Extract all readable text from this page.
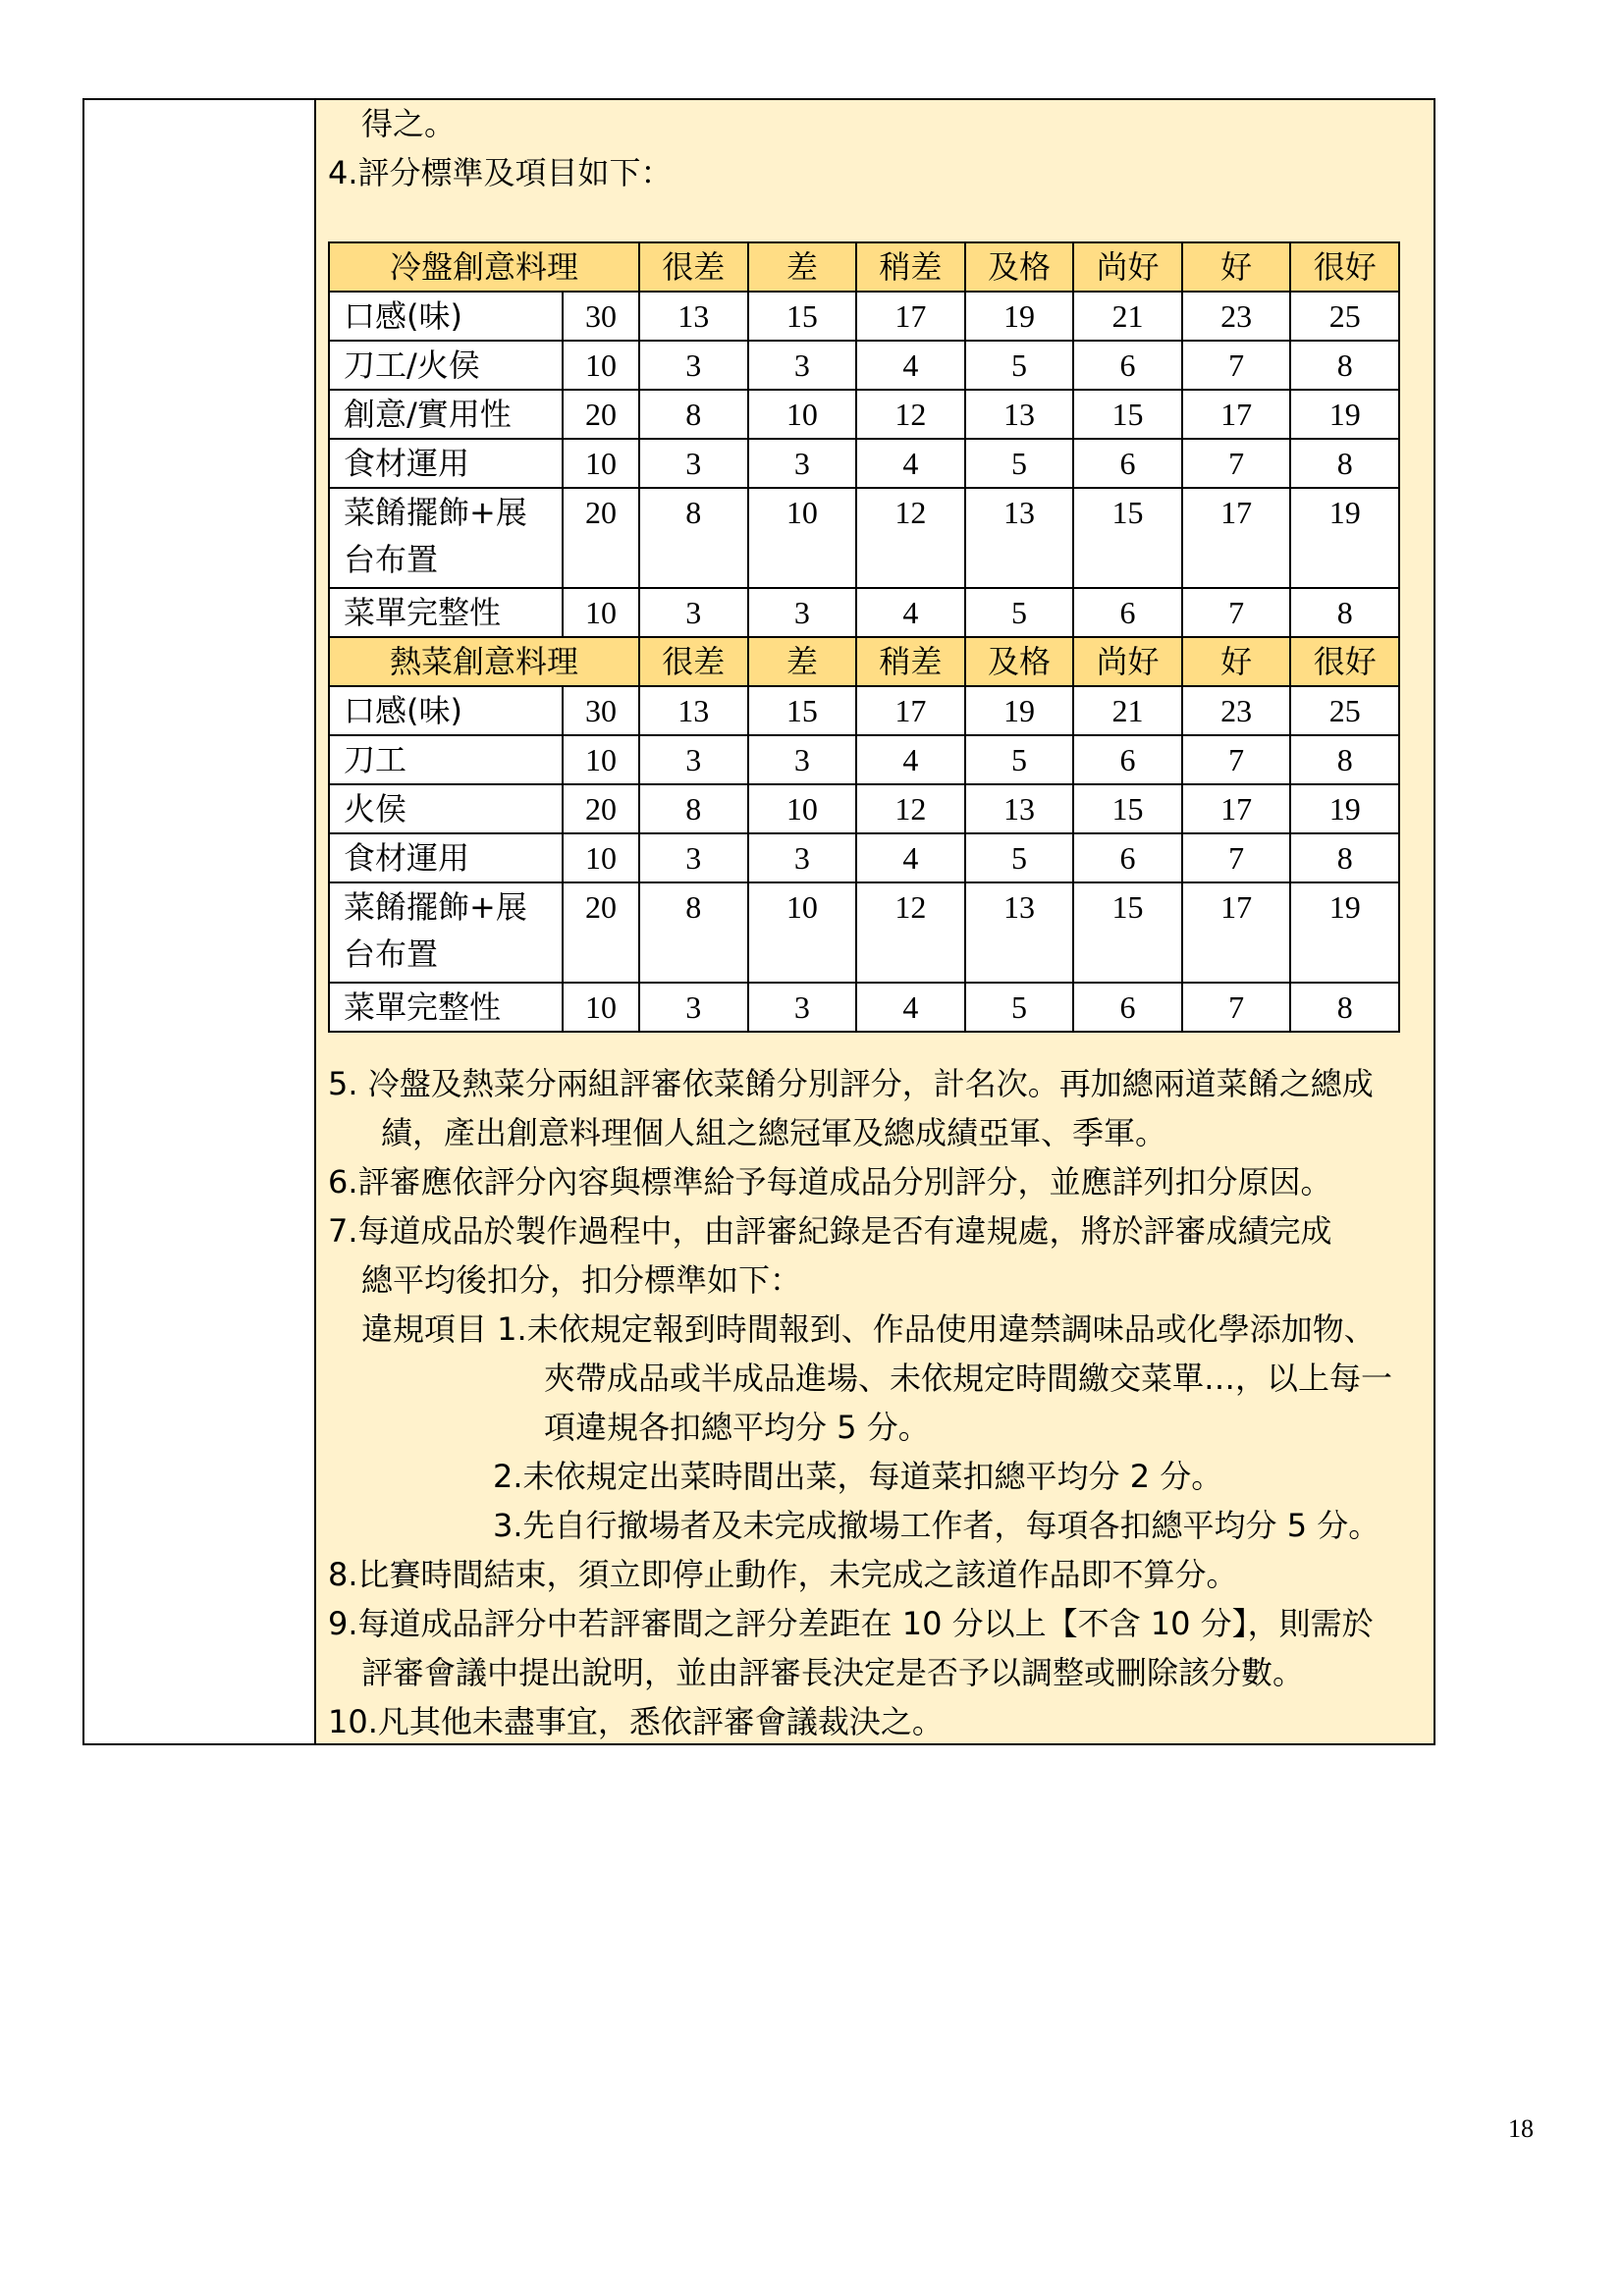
得之。
4.評分標準及項目如下：
冷盤創意料理		很差	差	稍差	及格	尚好	好	很好
口感(味)	30	13	15	17	19	21	23	25
刀工/火侯	10	3	3	4	5	6	7	8
創意/實用性	20	8	10	12	13	15	17	19
食材運用	10	3	3	4	5	6	7	8

菜餚擺飾+展
台布置	20	8	10	12	13	15	17	19
菜單完整性	10	3	3	4	5	6	7	8
熱菜創意料理		很差	差	稍差	及格	尚好	好	很好
口感(味)	30	13	15	17	19	21	23	25
刀工	10	3	3	4	5	6	7	8
火侯	20	8	10	12	13	15	17	19
食材運用	10	3	3	4	5	6	7	8

菜餚擺飾+展
台布置	20	8	10	12	13	15	17	19
菜單完整性	10	3	3	4	5	6	7	8
5. 冷盤及熱菜分兩組評審依菜餚分別評分，計名次。再加總兩道菜餚之總成
績，產出創意料理個人組之總冠軍及總成績亞軍、季軍。
6.評審應依評分內容與標準給予每道成品分別評分，並應詳列扣分原因。
7.每道成品於製作過程中，由評審紀錄是否有違規處，將於評審成績完成
總平均後扣分，扣分標準如下：
違規項目 1.未依規定報到時間報到、作品使用違禁調味品或化學添加物、
夾帶成品或半成品進場、未依規定時間繳交菜單…，以上每一
項違規各扣總平均分 5 分。
2.未依規定出菜時間出菜，每道菜扣總平均分 2 分。
3.先自行撤場者及未完成撤場工作者，每項各扣總平均分 5 分。
8.比賽時間結束，須立即停止動作，未完成之該道作品即不算分。
9.每道成品評分中若評審間之評分差距在 10 分以上【不含 10 分】，則需於
評審會議中提出說明，並由評審長決定是否予以調整或刪除該分數。
10.凡其他未盡事宜，悉依評審會議裁決之。
18
